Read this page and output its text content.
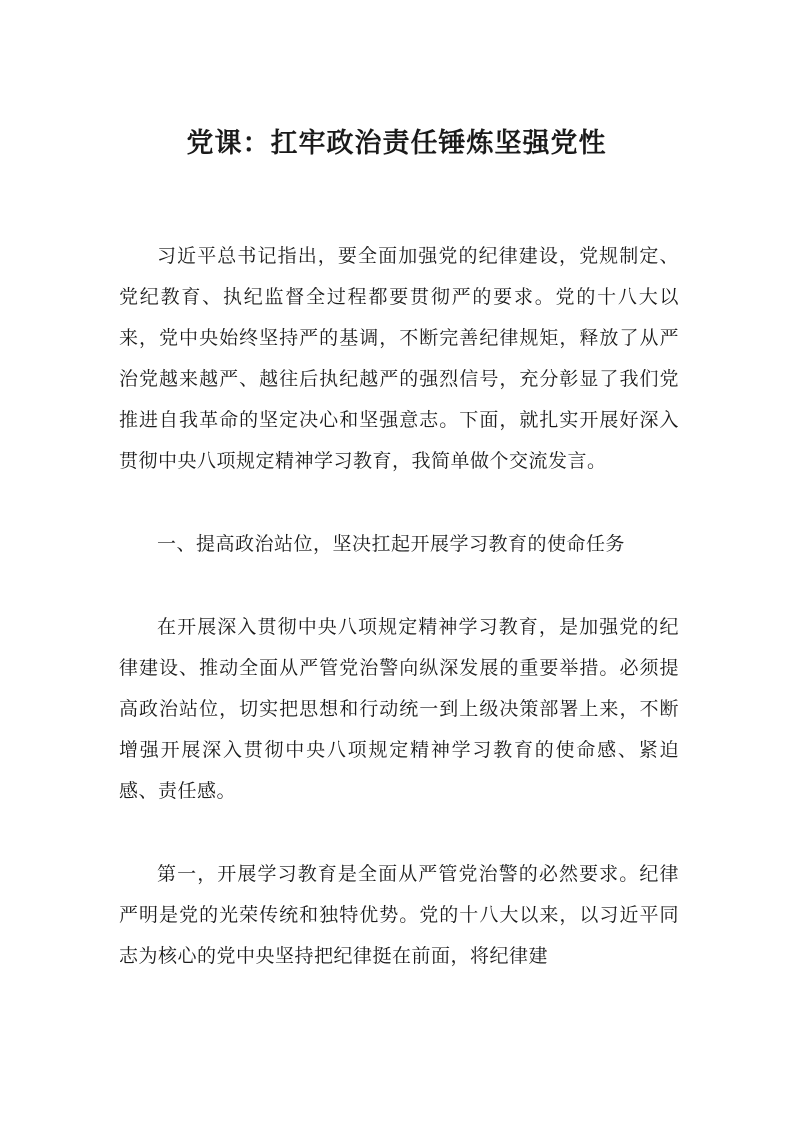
党课：扛牢政治责任锤炼坚强党性

习近平总书记指出，要全面加强党的纪律建设，党规制定、党纪教育、执纪监督全过程都要贯彻严的要求。党的十八大以来，党中央始终坚持严的基调，不断完善纪律规矩，释放了从严治党越来越严、越往后执纪越严的强烈信号，充分彰显了我们党推进自我革命的坚定决心和坚强意志。下面，就扎实开展好深入贯彻中央八项规定精神学习教育，我简单做个交流发言。

一、提高政治站位，坚决扛起开展学习教育的使命任务

在开展深入贯彻中央八项规定精神学习教育，是加强党的纪律建设、推动全面从严管党治警向纵深发展的重要举措。必须提高政治站位，切实把思想和行动统一到上级决策部署上来，不断增强开展深入贯彻中央八项规定精神学习教育的使命感、紧迫感、责任感。

第一，开展学习教育是全面从严管党治警的必然要求。纪律严明是党的光荣传统和独特优势。党的十八大以来，以习近平同志为核心的党中央坚持把纪律挺在前面，将纪律建
